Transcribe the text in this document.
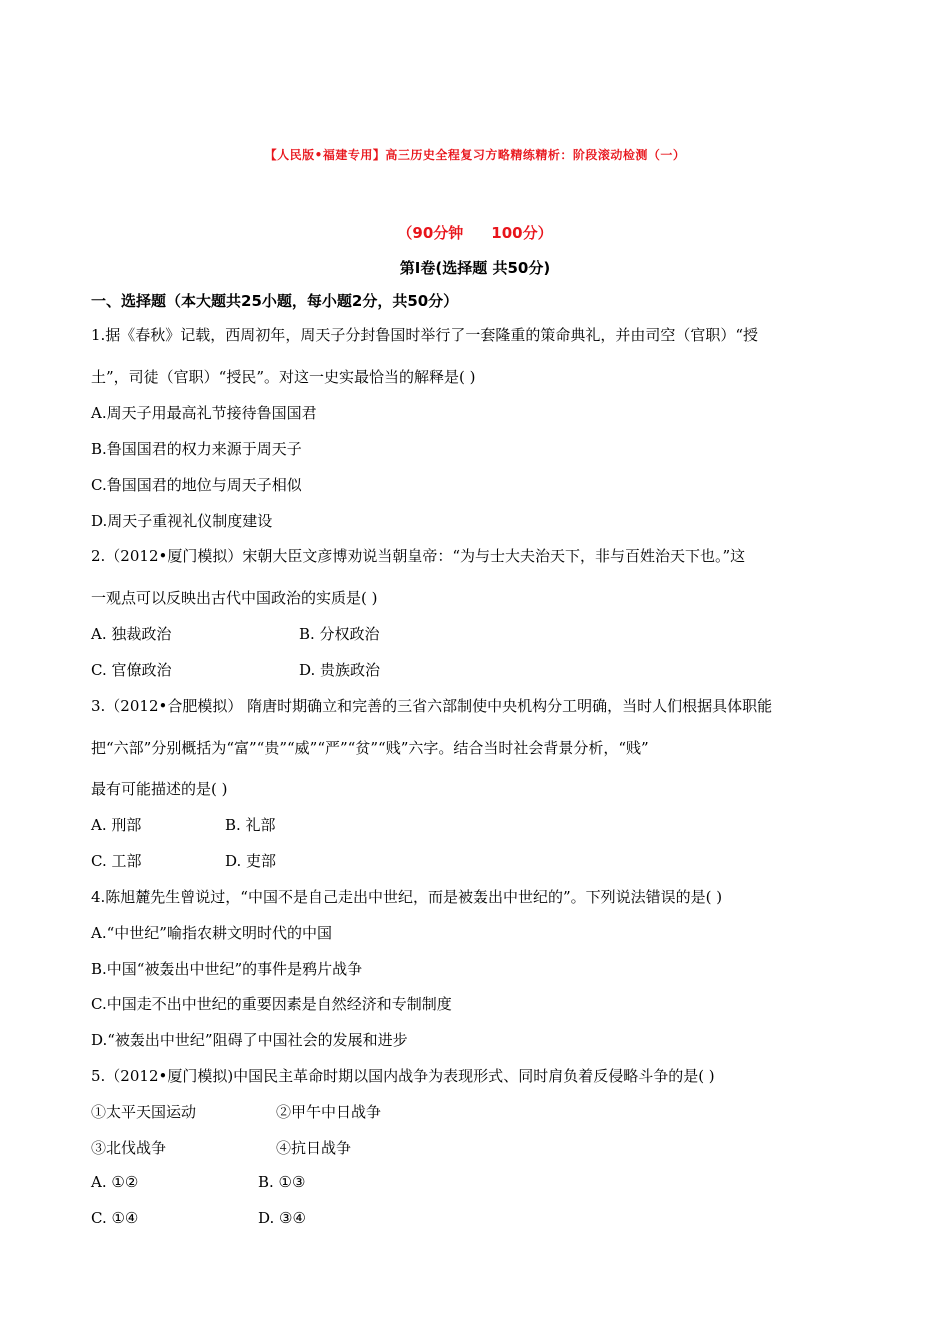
【人民版•福建专用】高三历史全程复习方略精练精析：阶段滚动检测（一）
（90分钟 100分）
第Ⅰ卷(选择题 共50分)
一、选择题（本大题共25小题，每小题2分，共50分）
1.据《春秋》记载，西周初年，周天子分封鲁国时举行了一套隆重的策命典礼，并由司空（官职）“授
土”，司徒（官职）“授民”。对这一史实最恰当的解释是( )
A.周天子用最高礼节接待鲁国国君
B.鲁国国君的权力来源于周天子
C.鲁国国君的地位与周天子相似
D.周天子重视礼仪制度建设
2.（2012•厦门模拟）宋朝大臣文彦博劝说当朝皇帝：“为与士大夫治天下，非与百姓治天下也。”这
一观点可以反映出古代中国政治的实质是( )
A. 独裁政治	B. 分权政治
C. 官僚政治	D. 贵族政治
3.（2012•合肥模拟） 隋唐时期确立和完善的三省六部制使中央机构分工明确，当时人们根据具体职能
把“六部”分别概括为“富”“贵”“威”“严”“贫”“贱”六字。结合当时社会背景分析，“贱”
最有可能描述的是( )
A. 刑部	B. 礼部
C. 工部	D. 吏部
4.陈旭麓先生曾说过，“中国不是自己走出中世纪，而是被轰出中世纪的”。下列说法错误的是( )
A.“中世纪”喻指农耕文明时代的中国
B.中国“被轰出中世纪”的事件是鸦片战争
C.中国走不出中世纪的重要因素是自然经济和专制制度
D.“被轰出中世纪”阻碍了中国社会的发展和进步
5.（2012•厦门模拟)中国民主革命时期以国内战争为表现形式、同时肩负着反侵略斗争的是( )
①太平天国运动	②甲午中日战争
③北伐战争	④抗日战争
A. ①②	B. ①③
C. ①④	D. ③④
